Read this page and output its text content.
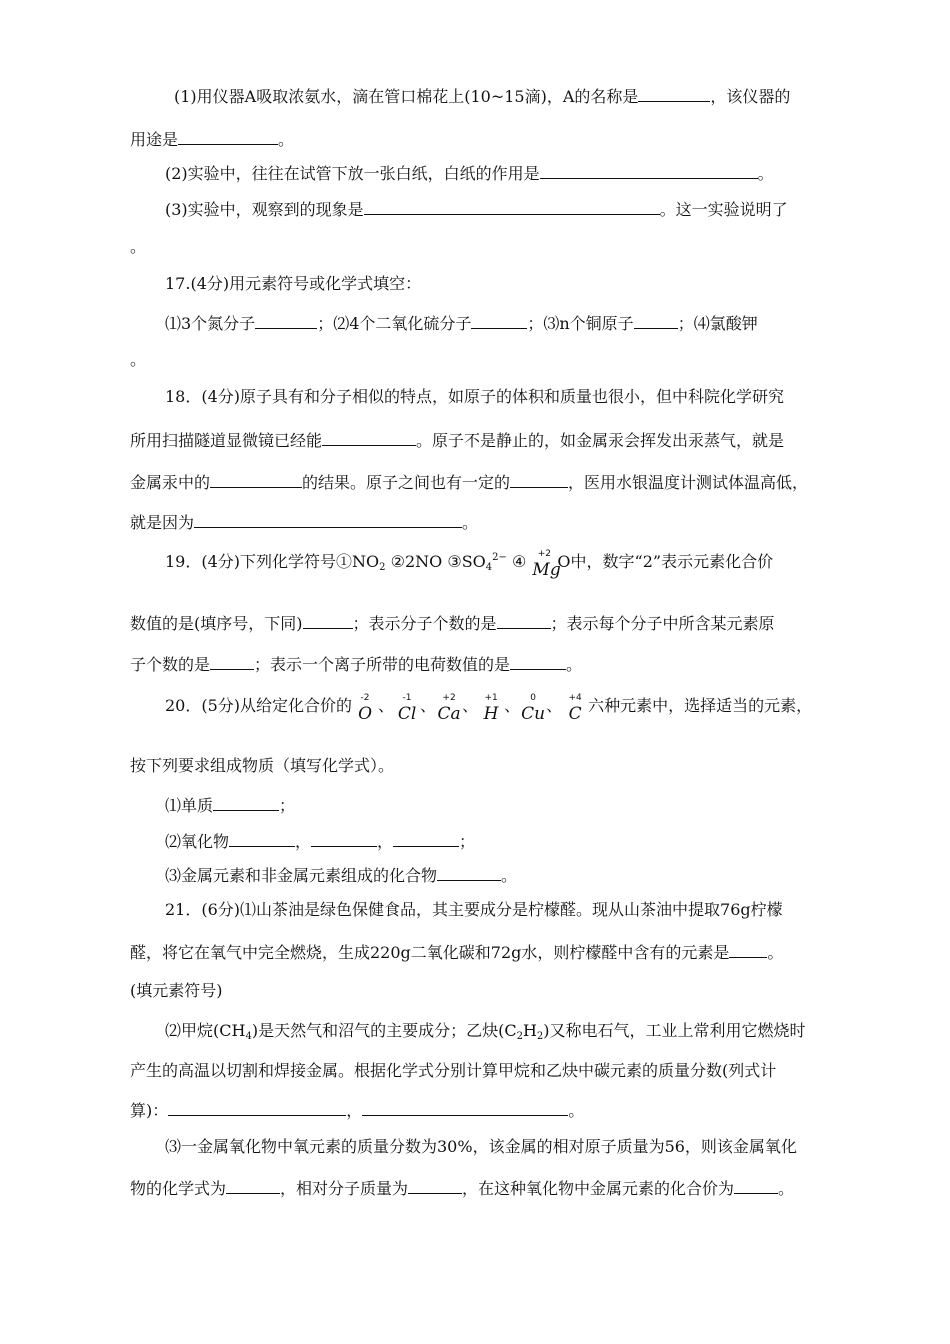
(1)用仪器A吸取浓氨水，滴在管口棉花上(10~15滴)，A的名称是	，该仪器的
用途是	。
(2)实验中，往往在试管下放一张白纸，白纸的作用是	。
(3)实验中，观察到的现象是	。这一实验说明了
。
17.(4分)用元素符号或化学式填空：
⑴3个氮分子	；⑵4个二氧化硫分子	；⑶n个铜原子	；⑷氯酸钾
。
18．(4分)原子具有和分子相似的特点，如原子的体积和质量也很小，但中科院化学研究
所用扫描隧道显微镜已经能	。原子不是静止的，如金属汞会挥发出汞蒸气，就是
金属汞中的	的结果。原子之间也有一定的	，医用水银温度计测试体温高低，
就是因为	。
19．(4分)下列化学符号$①NO_2$ ②2NO $③SO_4^{2-}$ ④ +2
Mg
O中，数字“2”表示元素化合价
数值的是(填序号，下同)	；表示分子个数的是	；表示每个分子中所含某元素原
子个数的是	；表示一个离子所带的电荷数值的是	。
20．(5分)从给定化合价的 -2
O 、 -1
Cl 、 +2
Ca 、 +1
H 、	0
Cu 、 +4
C 六种元素中，选择适当的元素，
按下列要求组成物质（填写化学式）。
⑴单质	；
⑵氧化物	，	，	；
⑶金属元素和非金属元素组成的化合物	。
21．(6分)⑴山茶油是绿色保健食品，其主要成分是柠檬醛。现从山茶油中提取76g柠檬
醛，将它在氧气中完全燃烧，生成220g二氧化碳和72g水，则柠檬醛中含有的元素是 。
(填元素符号)
⑵甲烷$(CH_4)$是天然气和沼气的主要成分；乙炔$(C_2H_2)$又称电石气，工业上常利用它燃烧时
产生的高温以切割和焊接金属。根据化学式分别计算甲烷和乙炔中碳元素的质量分数(列式计
算)：	，	。
⑶一金属氧化物中氧元素的质量分数为30%，该金属的相对原子质量为56，则该金属氧化
物的化学式为	，相对分子质量为	，在这种氧化物中金属元素的化合价为	。
